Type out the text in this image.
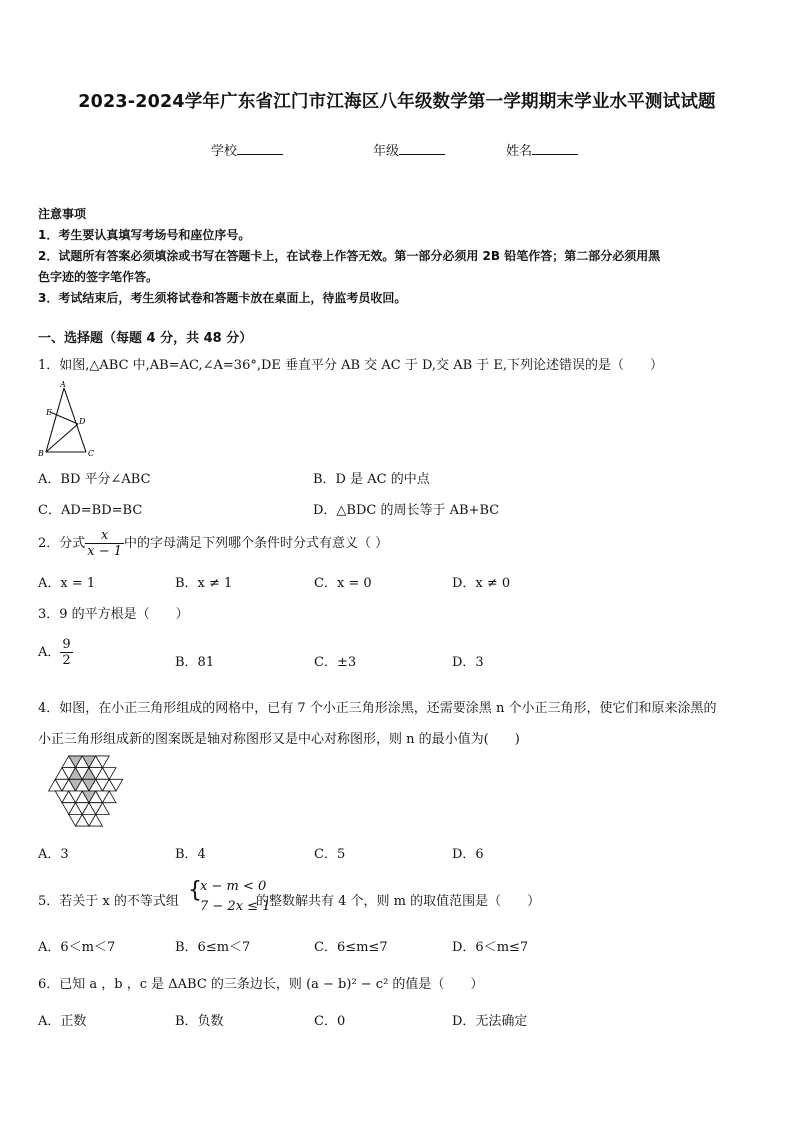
2023-2024学年广东省江门市江海区八年级数学第一学期期末学业水平测试试题
学校	年级	姓名
注意事项
1．考生要认真填写考场号和座位序号。
2．试题所有答案必须填涂或书写在答题卡上，在试卷上作答无效。第一部分必须用 2B 铅笔作答；第二部分必须用黑
色字迹的签字笔作答。
3．考试结束后，考生须将试卷和答题卡放在桌面上，待监考员收回。
一、选择题（每题 4 分，共 48 分）
1．如图,△ABC 中,AB=AC,∠A=36°,DE 垂直平分 AB 交 AC 于 D,交 AB 于 E,下列论述错误的是（　　）
A
E
D
B	C
A．BD 平分∠ABC	B．D 是 AC 的中点
C．AD=BD=BC	D．△BDC 的周长等于 AB+BC
2．分式 $\frac{x}{x - 1}$ 中的字母满足下列哪个条件时分式有意义（ ）
A．x = 1	B．x ≠ 1	C．x = 0	D．x ≠ 0
3．9 的平方根是（　　）
A． $\frac{9}{2}$	B．81	C．±3	D．3
4．如图，在小正三角形组成的网格中，已有 7 个小正三角形涂黑，还需要涂黑 n 个小正三角形，使它们和原来涂黑的
小正三角形组成新的图案既是轴对称图形又是中心对称图形，则 n 的最小值为(　　)
A．3	B．4	C．5	D．6
5．若关于 x 的不等式组 {
x − m < 0
7 − 2x ≤ 1
的整数解共有 4 个，则 m 的取值范围是（　　）
A．6＜m＜7	B．6≤m＜7	C．6≤m≤7	D．6＜m≤7
6．已知 a ，b ，c 是 ΔABC 的三条边长，则 (a − b)² − c² 的值是（　　）
A．正数	B．负数	C．0	D．无法确定
